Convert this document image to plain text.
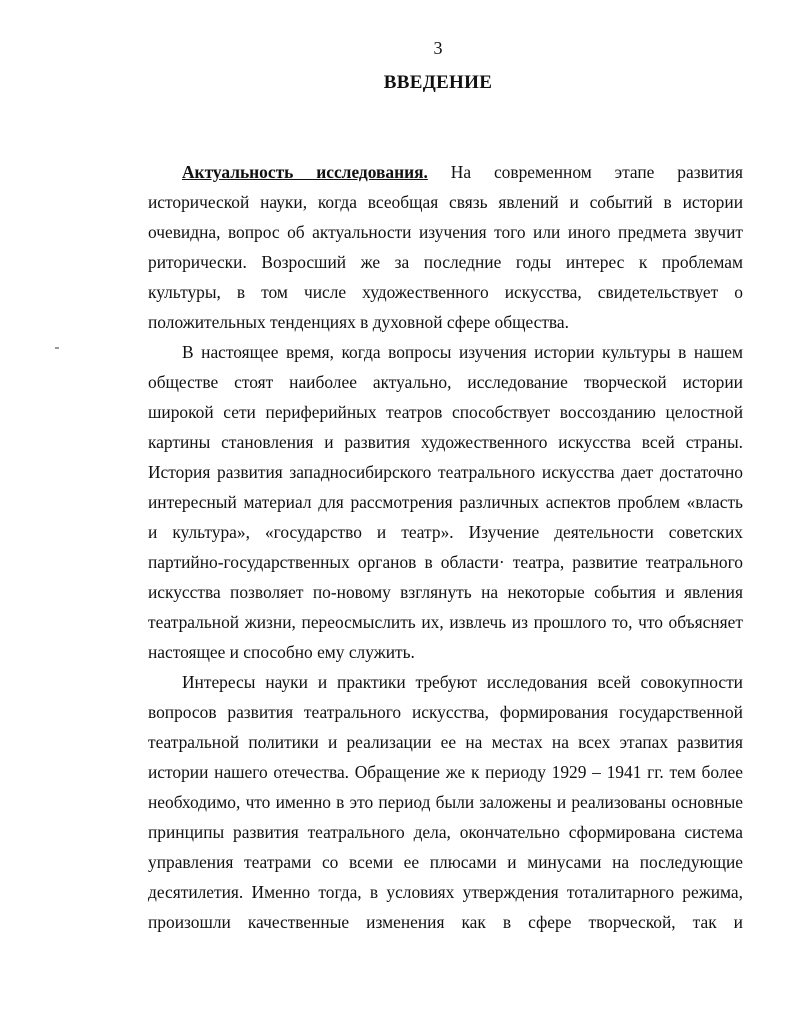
3
ВВЕДЕНИЕ
Актуальность исследования. На современном этапе развития
исторической науки, когда всеобщая связь явлений и событий в истории
очевидна, вопрос об актуальности изучения того или иного предмета звучит
риторически. Возросший же за последние годы интерес к проблемам
культуры, в том числе художественного искусства, свидетельствует о
положительных тенденциях в духовной сфере общества.
В настоящее время, когда вопросы изучения истории культуры в нашем
обществе стоят наиболее актуально, исследование творческой истории
широкой сети периферийных театров способствует воссозданию целостной
картины становления и развития художественного искусства всей страны.
История развития западносибирского театрального искусства дает достаточно
интересный материал для рассмотрения различных аспектов проблем «власть
и культура», «государство и театр». Изучение деятельности советских
партийно-государственных органов в области· театра, развитие театрального
искусства позволяет по-новому взглянуть на некоторые события и явления
театральной жизни, переосмыслить их, извлечь из прошлого то, что объясняет
настоящее и способно ему служить.
Интересы науки и практики требуют исследования всей совокупности
вопросов развития театрального искусства, формирования государственной
театральной политики и реализации ее на местах на всех этапах развития
истории нашего отечества. Обращение же к периоду 1929 – 1941 гг. тем более
необходимо, что именно в это период были заложены и реализованы основные
принципы развития театрального дела, окончательно сформирована система
управления театрами со всеми ее плюсами и минусами на последующие
десятилетия. Именно тогда, в условиях утверждения тоталитарного режима,
произошли качественные изменения как в сфере творческой, так и
